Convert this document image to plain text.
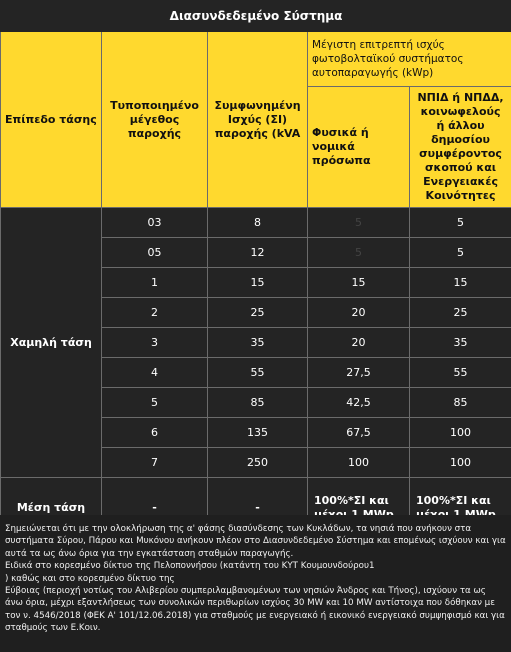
Διασυνδεδεμένο Σύστημα				
Επίπεδο τάσης	Τυποποιημένο μέγεθος παροχής	Συμφωνημένη Ισχύς (ΣΙ) παροχής (kVA	Μέγιστη επιτρεπτή ισχύς φωτοβολταϊκού συστήματος αυτοπαραγωγής (kWp)	
			Φυσικά ή νομικά πρόσωπα	ΝΠΙΔ ή ΝΠΔΔ, κοινωφελούς ή άλλου δημοσίου συμφέροντος σκοπού και Ενεργειακές Κοινότητες

Χαμηλή τάση	03	8	5	5
	05	12	5	5
	1	15	15	15
	2	25	20	25
	3	35	20	35
	4	55	27,5	55
	5	85	42,5	85
	6	135	67,5	100
	7	250	100	100
Μέση τάση	-	-	100%*ΣΙ και	100%*ΣΙ και
Σημειώνεται ότι με την ολοκλήρωση της α' φάσης διασύνδεσης των Κυκλάδων, τα νησιά που ανήκουν στα συστήματα Σύρου, Πάρου και Μυκόνου ανήκουν πλέον στο Διασυνδεδεμένο Σύστημα και επομένως ισχύουν και για αυτά τα ως άνω όρια για την εγκατάσταση σταθμών παραγωγής.
Ειδικά στο κορεσμένο δίκτυο της Πελοποννήσου (κατάντη του ΚΥΤ Κουμουνδούρου1
) καθώς και στο κορεσμένο δίκτυο της
Εύβοιας (περιοχή νοτίως του Αλιβερίου συμπεριλαμβανομένων των νησιών Άνδρος και Τήνος), ισχύουν τα ως άνω όρια, μέχρι εξαντλήσεως των συνολικών περιθωρίων ισχύος 30 MW και 10 MW αντίστοιχα που δόθηκαν με τον ν. 4546/2018 (ΦΕΚ Α' 101/12.06.2018) για σταθμούς με ενεργειακό ή εικονικό ενεργειακό συμψηφισμό και για σταθμούς των Ε.Κοιν.
